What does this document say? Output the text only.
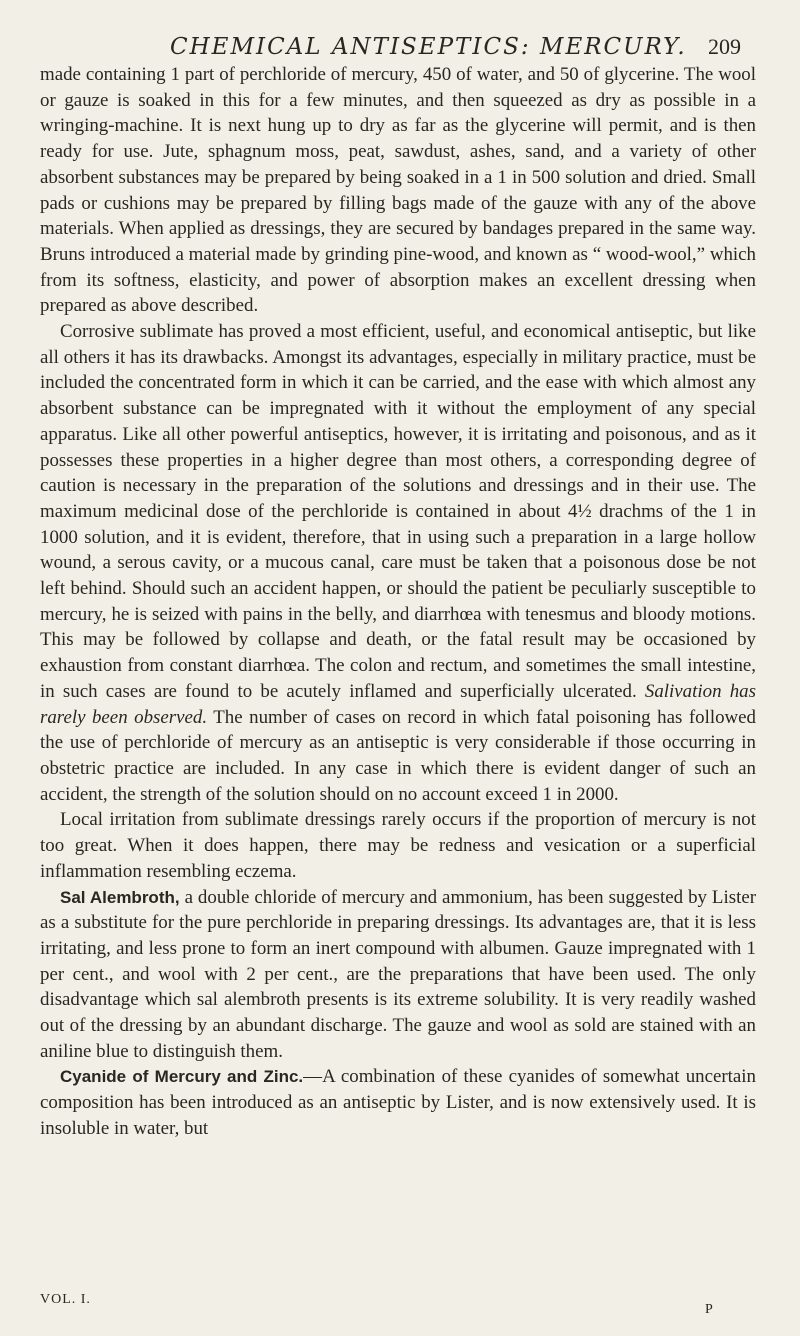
CHEMICAL ANTISEPTICS: MERCURY. 209

made containing 1 part of perchloride of mercury, 450 of water, and 50 of glycerine. The wool or gauze is soaked in this for a few minutes, and then squeezed as dry as possible in a wringing-machine. It is next hung up to dry as far as the glycerine will permit, and is then ready for use. Jute, sphagnum moss, peat, sawdust, ashes, sand, and a variety of other absorbent substances may be prepared by being soaked in a 1 in 500 solution and dried. Small pads or cushions may be prepared by filling bags made of the gauze with any of the above materials. When applied as dressings, they are secured by bandages prepared in the same way. Bruns introduced a material made by grinding pine-wood, and known as “ wood-wool,” which from its softness, elasticity, and power of absorption makes an excellent dressing when prepared as above described.

Corrosive sublimate has proved a most efficient, useful, and economical antiseptic, but like all others it has its drawbacks. Amongst its advantages, especially in military practice, must be included the concentrated form in which it can be carried, and the ease with which almost any absorbent substance can be impregnated with it without the employment of any special apparatus. Like all other powerful antiseptics, however, it is irritating and poisonous, and as it possesses these properties in a higher degree than most others, a corresponding degree of caution is necessary in the preparation of the solutions and dressings and in their use. The maximum medicinal dose of the perchloride is contained in about 4½ drachms of the 1 in 1000 solution, and it is evident, therefore, that in using such a preparation in a large hollow wound, a serous cavity, or a mucous canal, care must be taken that a poisonous dose be not left behind. Should such an accident happen, or should the patient be peculiarly susceptible to mercury, he is seized with pains in the belly, and diarrhœa with tenesmus and bloody motions. This may be followed by collapse and death, or the fatal result may be occasioned by exhaustion from constant diarrhœa. The colon and rectum, and sometimes the small intestine, in such cases are found to be acutely inflamed and superficially ulcerated. Salivation has rarely been observed. The number of cases on record in which fatal poisoning has followed the use of perchloride of mercury as an antiseptic is very considerable if those occurring in obstetric practice are included. In any case in which there is evident danger of such an accident, the strength of the solution should on no account exceed 1 in 2000.

Local irritation from sublimate dressings rarely occurs if the proportion of mercury is not too great. When it does happen, there may be redness and vesication or a superficial inflammation resembling eczema.

Sal Alembroth, a double chloride of mercury and ammonium, has been suggested by Lister as a substitute for the pure perchloride in preparing dressings. Its advantages are, that it is less irritating, and less prone to form an inert compound with albumen. Gauze impregnated with 1 per cent., and wool with 2 per cent., are the preparations that have been used. The only disadvantage which sal alembroth presents is its extreme solubility. It is very readily washed out of the dressing by an abundant discharge. The gauze and wool as sold are stained with an aniline blue to distinguish them.

Cyanide of Mercury and Zinc.—A combination of these cyanides of somewhat uncertain composition has been introduced as an antiseptic by Lister, and is now extensively used. It is insoluble in water, but

VOL. I.
P
